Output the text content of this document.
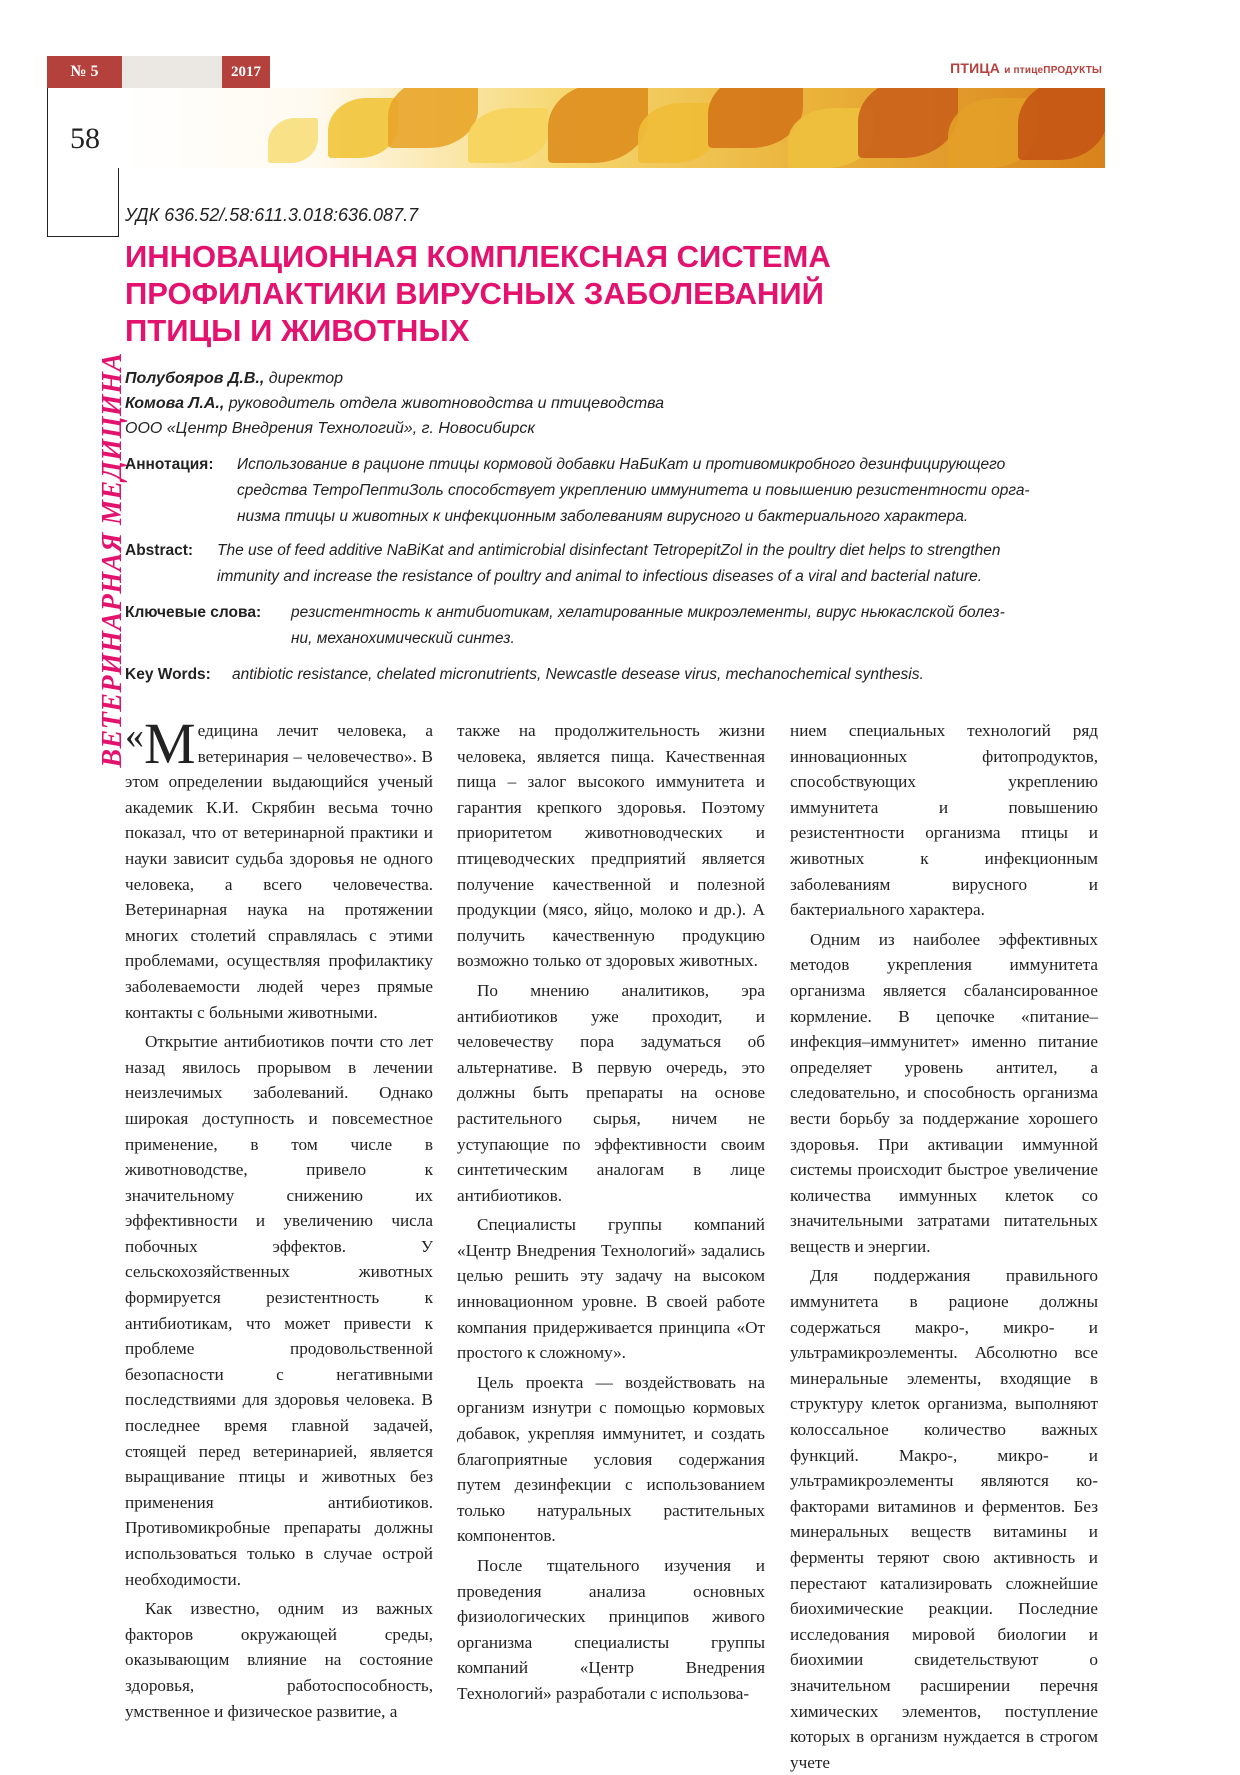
№ 5	2017	ПТИЦА и птицеПРОДУКТЫ
58
ВЕТЕРИНАРНАЯ МЕДИЦИНА
УДК 636.52/.58:611.3.018:636.087.7
ИННОВАЦИОННАЯ КОМПЛЕКСНАЯ СИСТЕМА
ПРОФИЛАКТИКИ ВИРУСНЫХ ЗАБОЛЕВАНИЙ
ПТИЦЫ И ЖИВОТНЫХ
Полубояров Д.В., директор
Комова Л.А., руководитель отдела животноводства и птицеводства
ООО «Центр Внедрения Технологий», г. Новосибирск
Аннотация: Использование в рационе птицы кормовой добавки НаБиКат и противомикробного дезинфицирующего
средства ТетроПептиЗоль способствует укреплению иммунитета и повышению резистентности орга-
низма птицы и животных к инфекционным заболеваниям вирусного и бактериального характера.
Abstract: The use of feed additive NaBiKat and antimicrobial disinfectant TetropepitZol in the poultry diet helps to strengthen
immunity and increase the resistance of poultry and animal to infectious diseases of a viral and bacterial nature.
Ключевые слова: резистентность к антибиотикам, хелатированные микроэлементы, вирус ньюкаслской болез-
ни, механохимический синтез.
Key Words: antibiotic resistance, chelated micronutrients, Newcastle desease virus, mechanochemical synthesis.

« М едицина лечит человека, а ветеринария – человечество». В этом определении выдающийся ученый академик К.И. Скрябин весьма точно показал, что от ветеринарной практики и науки зависит судьба здоровья не одного человека, а всего человечества. Ветеринарная наука на протяжении многих столетий справлялась с этими проблемами, осуществляя профилактику заболеваемости людей через прямые контакты с больными животными.

Открытие антибиотиков почти сто лет назад явилось прорывом в лечении неизлечимых заболеваний. Однако широкая доступность и повсеместное применение, в том числе в животноводстве, привело к значительному снижению их эффективности и увеличению числа побочных эффектов. У сельскохозяйственных животных формируется резистентность к антибиотикам, что может привести к проблеме продовольственной безопасности с негативными последствиями для здоровья человека. В последнее время главной задачей, стоящей перед ветеринарией, является выращивание птицы и животных без применения антибиотиков. Противомикробные препараты должны использоваться только в случае острой необходимости.

Как известно, одним из важных факторов окружающей среды, оказывающим влияние на состояние здоровья, работоспособность, умственное и физическое развитие, а

также на продолжительность жизни человека, является пища. Качественная пища – залог высокого иммунитета и гарантия крепкого здоровья. Поэтому приоритетом животноводческих и птицеводческих предприятий является получение качественной и полезной продукции (мясо, яйцо, молоко и др.). А получить качественную продукцию возможно только от здоровых животных.

По мнению аналитиков, эра антибиотиков уже проходит, и человечеству пора задуматься об альтернативе. В первую очередь, это должны быть препараты на основе растительного сырья, ничем не уступающие по эффективности своим синтетическим аналогам в лице антибиотиков.

Специалисты группы компаний «Центр Внедрения Технологий» задались целью решить эту задачу на высоком инновационном уровне. В своей работе компания придерживается принципа «От простого к сложному».

Цель проекта — воздействовать на организм изнутри с помощью кормовых добавок, укрепляя иммунитет, и создать благоприятные условия содержания путем дезинфекции с использованием только натуральных растительных компонентов.

После тщательного изучения и проведения анализа основных физиологических принципов живого организма специалисты группы компаний «Центр Внедрения Технологий» разработали с использова-

нием специальных технологий ряд инновационных фитопродуктов, способствующих укреплению иммунитета и повышению резистентности организма птицы и животных к инфекционным заболеваниям вирусного и бактериального характера.

Одним из наиболее эффективных методов укрепления иммунитета организма является сбалансированное кормление. В цепочке «питание–инфекция–иммунитет» именно питание определяет уровень антител, а следовательно, и способность организма вести борьбу за поддержание хорошего здоровья. При активации иммунной системы происходит быстрое увеличение количества иммунных клеток со значительными затратами питательных веществ и энергии.

Для поддержания правильного иммунитета в рационе должны содержаться макро-, микро- и ультрамикроэлементы. Абсолютно все минеральные элементы, входящие в структуру клеток организма, выполняют колоссальное количество важных функций. Макро-, микро- и ультрамикроэлементы являются ко-факторами витаминов и ферментов. Без минеральных веществ витамины и ферменты теряют свою активность и перестают катализировать сложнейшие биохимические реакции. Последние исследования мировой биологии и биохимии свидетельствуют о значительном расширении перечня химических элементов, поступление которых в организм нуждается в строгом учете
